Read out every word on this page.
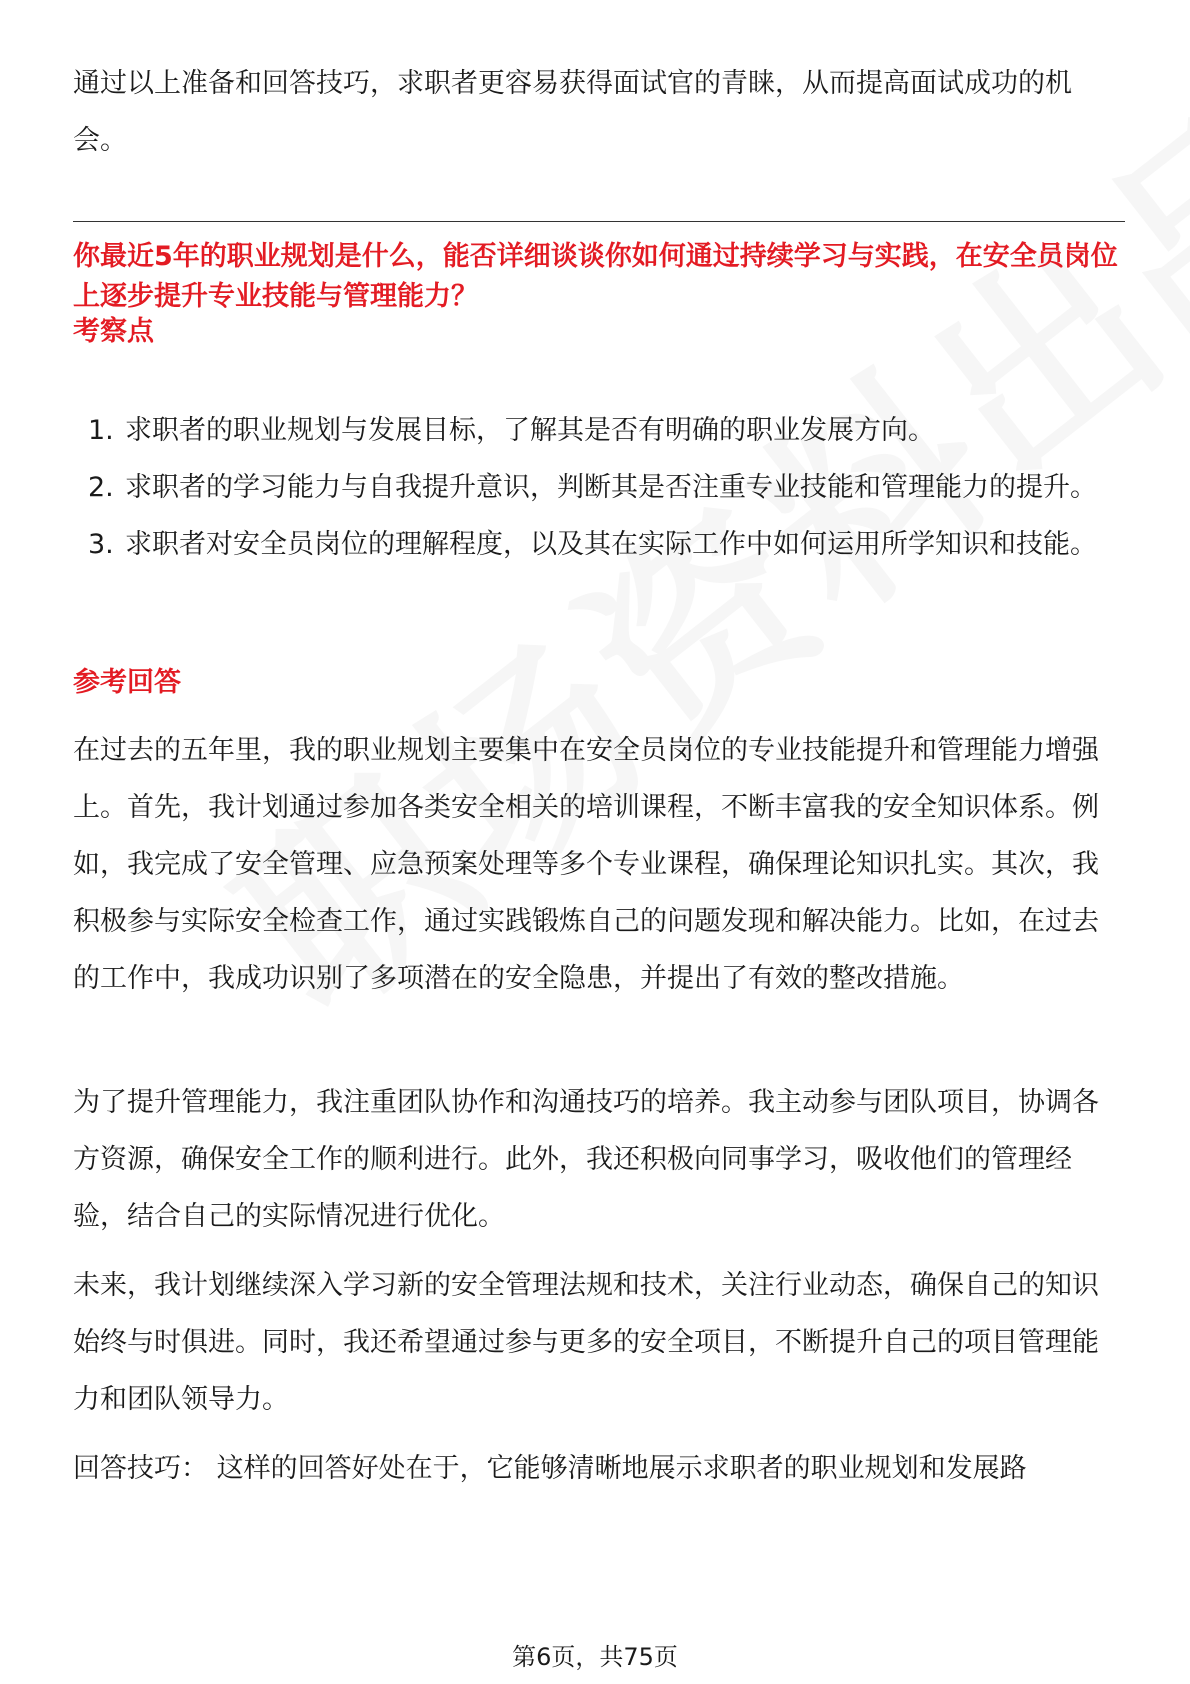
通过以上准备和回答技巧，求职者更容易获得面试官的青睐，从而提高面试成功的机会。

你最近5年的职业规划是什么，能否详细谈谈你如何通过持续学习与实践，在安全员岗位上逐步提升专业技能与管理能力？
考察点
1. 求职者的职业规划与发展目标，了解其是否有明确的职业发展方向。
2. 求职者的学习能力与自我提升意识，判断其是否注重专业技能和管理能力的提升。
3. 求职者对安全员岗位的理解程度，以及其在实际工作中如何运用所学知识和技能。
参考回答

在过去的五年里，我的职业规划主要集中在安全员岗位的专业技能提升和管理能力增强上。首先，我计划通过参加各类安全相关的培训课程，不断丰富我的安全知识体系。例如，我完成了安全管理、应急预案处理等多个专业课程，确保理论知识扎实。其次，我积极参与实际安全检查工作，通过实践锻炼自己的问题发现和解决能力。比如，在过去的工作中，我成功识别了多项潜在的安全隐患，并提出了有效的整改措施。

为了提升管理能力，我注重团队协作和沟通技巧的培养。我主动参与团队项目，协调各方资源，确保安全工作的顺利进行。此外，我还积极向同事学习，吸收他们的管理经验，结合自己的实际情况进行优化。

未来，我计划继续深入学习新的安全管理法规和技术，关注行业动态，确保自己的知识始终与时俱进。同时，我还希望通过参与更多的安全项目，不断提升自己的项目管理能力和团队领导力。

回答技巧： 这样的回答好处在于，它能够清晰地展示求职者的职业规划和发展路

第6页，共75页
